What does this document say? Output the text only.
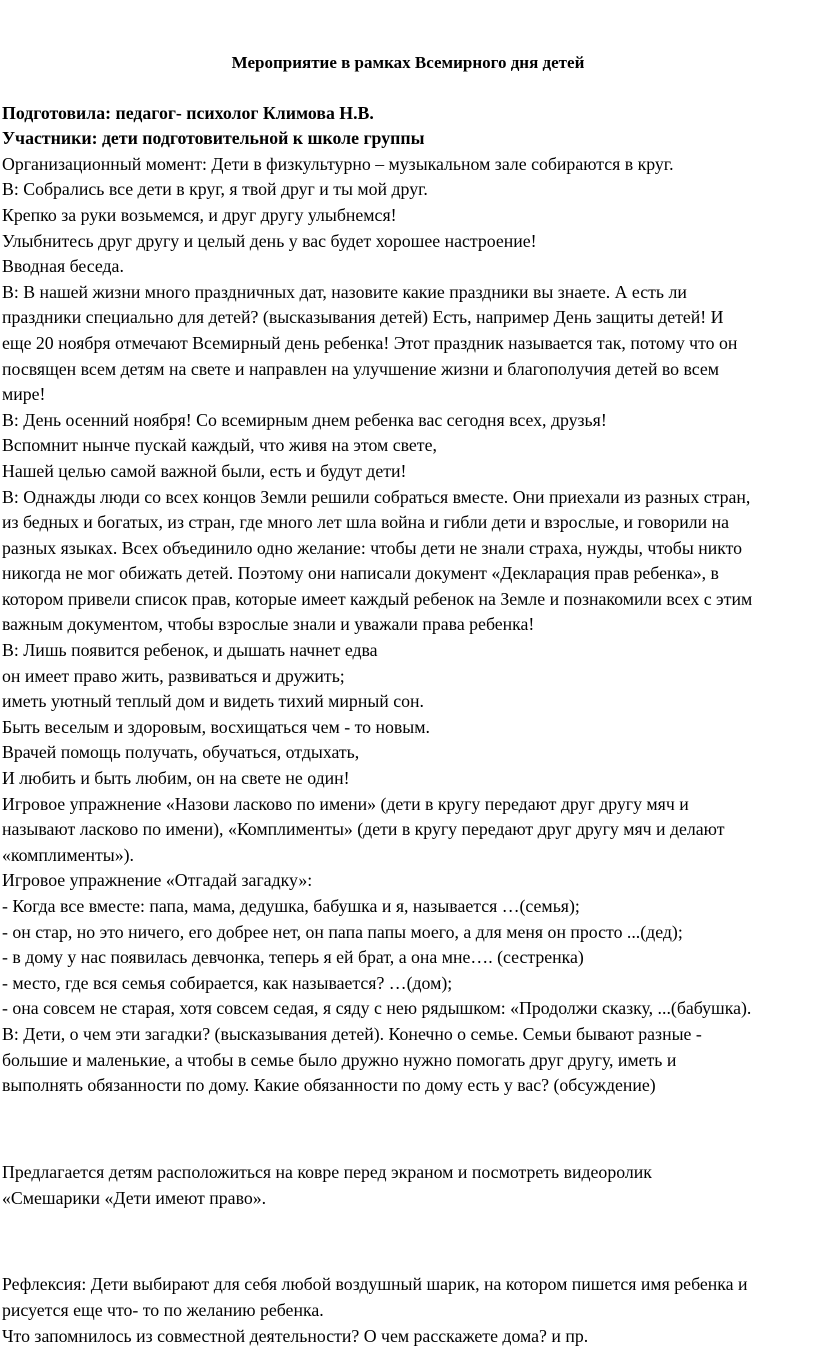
Мероприятие в рамках Всемирного дня детей

Подготовила: педагог- психолог Климова Н.В.

Участники: дети подготовительной к школе группы

Организационный момент: Дети в физкультурно – музыкальном зале собираются в круг.

В: Собрались все дети в круг, я твой друг и ты мой друг.

Крепко за руки возьмемся, и друг другу улыбнемся!

Улыбнитесь друг другу и целый день у вас будет хорошее настроение!

Вводная беседа.

В: В нашей жизни много праздничных дат, назовите какие праздники вы знаете. А есть ли

праздники специально для детей? (высказывания детей) Есть, например День защиты детей! И

еще 20 ноября отмечают Всемирный день ребенка! Этот праздник называется так, потому что он

посвящен всем детям на свете и направлен на улучшение жизни и благополучия детей во всем

мире!

В: День осенний ноября! Со всемирным днем ребенка вас сегодня всех, друзья!

Вспомнит нынче пускай каждый, что живя на этом свете,

Нашей целью самой важной были, есть и будут дети!

В: Однажды люди со всех концов Земли решили собраться вместе. Они приехали из разных стран,

из бедных и богатых, из стран, где много лет шла война и гибли дети и взрослые, и говорили на

разных языках. Всех объединило одно желание: чтобы дети не знали страха, нужды, чтобы никто

никогда не мог обижать детей. Поэтому они написали документ «Декларация прав ребенка», в

котором привели список прав, которые имеет каждый ребенок на Земле и познакомили всех с этим

важным документом, чтобы взрослые знали и уважали права ребенка!

В: Лишь появится ребенок, и дышать начнет едва

он имеет право жить, развиваться и дружить;

иметь уютный теплый дом и видеть тихий мирный сон.

Быть веселым и здоровым, восхищаться чем - то новым.

Врачей помощь получать, обучаться, отдыхать,

И любить и быть любим, он на свете не один!

Игровое упражнение «Назови ласково по имени» (дети в кругу передают друг другу мяч и

называют ласково по имени), «Комплименты» (дети в кругу передают друг другу мяч и делают

«комплименты»).

Игровое упражнение «Отгадай загадку»:

- Когда все вместе: папа, мама, дедушка, бабушка и я, называется …(семья);

- он стар, но это ничего, его добрее нет, он папа папы моего, а для меня он просто ...(дед);

- в дому у нас появилась девчонка, теперь я ей брат, а она мне…. (сестренка)

- место, где вся семья собирается, как называется? …(дом);

- она совсем не старая, хотя совсем седая, я сяду с нею рядышком: «Продолжи сказку, ...(бабушка).

В: Дети, о чем эти загадки? (высказывания детей). Конечно о семье. Семьи бывают разные -

большие и маленькие, а чтобы в семье было дружно нужно помогать друг другу, иметь и

выполнять обязанности по дому. Какие обязанности по дому есть у вас? (обсуждение)

Предлагается детям расположиться на ковре перед экраном и посмотреть видеоролик

«Смешарики «Дети имеют право».

Рефлексия: Дети выбирают для себя любой воздушный шарик, на котором пишется имя ребенка и

рисуется еще что- то по желанию ребенка.

Что запомнилось из совместной деятельности? О чем расскажете дома? и пр.
